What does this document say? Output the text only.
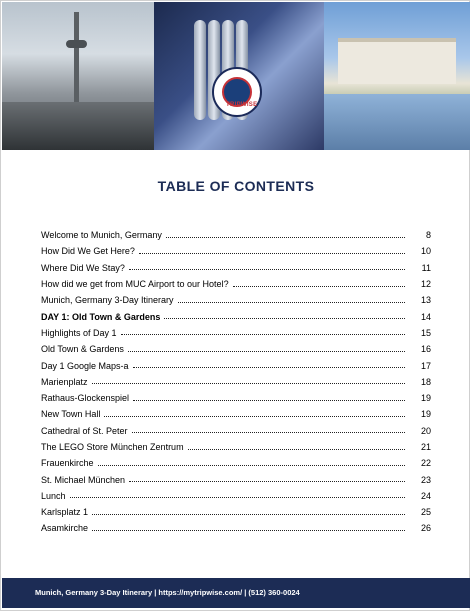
TRIPWISE
TABLE OF CONTENTS
Welcome to Munich, Germany	8
How Did We Get Here?	10
Where Did We Stay?	11
How did we get from MUC Airport to our Hotel?	12
Munich, Germany 3-Day Itinerary	13
DAY 1: Old Town & Gardens	14
Highlights of Day 1	15
Old Town & Gardens	16
Day 1 Google Maps-a	17
Marienplatz	18
Rathaus-Glockenspiel	19
New Town Hall	19
Cathedral of St. Peter	20
The LEGO Store München Zentrum	21
Frauenkirche	22
St. Michael München	23
Lunch	24
Karlsplatz 1	25
Asamkirche	26
Munich, Germany 3-Day Itinerary | https://mytripwise.com/ | (512) 360-0024
